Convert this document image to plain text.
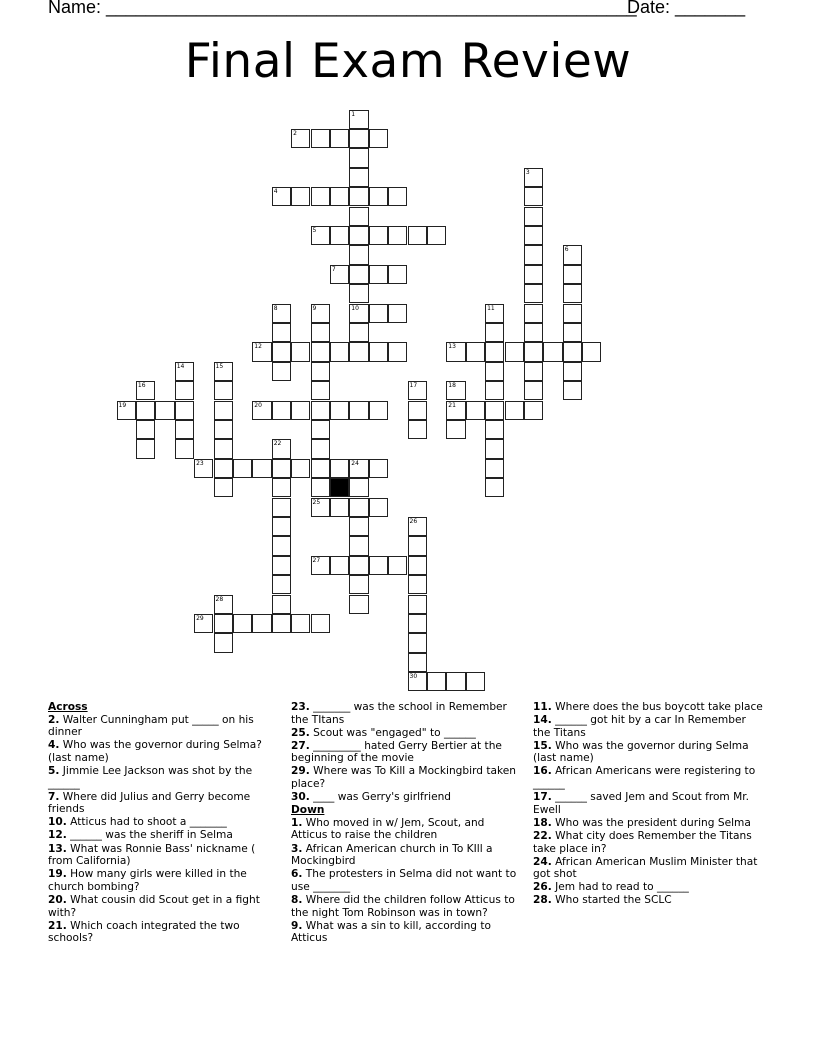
Name: _____________________________________________________
Date: _______
Final Exam Review
1
10
2
3
4
5
6
7
8	9	11
12	13
14	15
16	17	18
21
19	20
22
23	24
25
26
30
27
28
29
Across
2. Walter Cunningham put _____ on his dinner
4. Who was the governor during Selma? (last name)
5. Jimmie Lee Jackson was shot by the ______
7. Where did Julius and Gerry become friends
10. Atticus had to shoot a _______
12. ______ was the sheriff in Selma
13. What was Ronnie Bass' nickname ( from California)
19. How many girls were killed in the church bombing?
20. What cousin did Scout get in a fight with?
21. Which coach integrated the two schools?
23. _______ was the school in Remember the TItans
25. Scout was "engaged" to ______
27. _________ hated Gerry Bertier at the beginning of the movie
29. Where was To Kill a Mockingbird taken place?
30. ____ was Gerry's girlfriend
Down
1. Who moved in w/ Jem, Scout, and Atticus to raise the children
3. African American church in To KIll a Mockingbird
6. The protesters in Selma did not want to use _______
8. Where did the children follow Atticus to the night Tom Robinson was in town?
9. What was a sin to kill, according to Atticus
11. Where does the bus boycott take place
14. ______ got hit by a car In Remember the Titans
15. Who was the governor during Selma (last name)
16. African Americans were registering to ______
17. ______ saved Jem and Scout from Mr. Ewell
18. Who was the president during Selma
22. What city does Remember the Titans take place in?
24. African American Muslim Minister that got shot
26. Jem had to read to ______
28. Who started the SCLC
